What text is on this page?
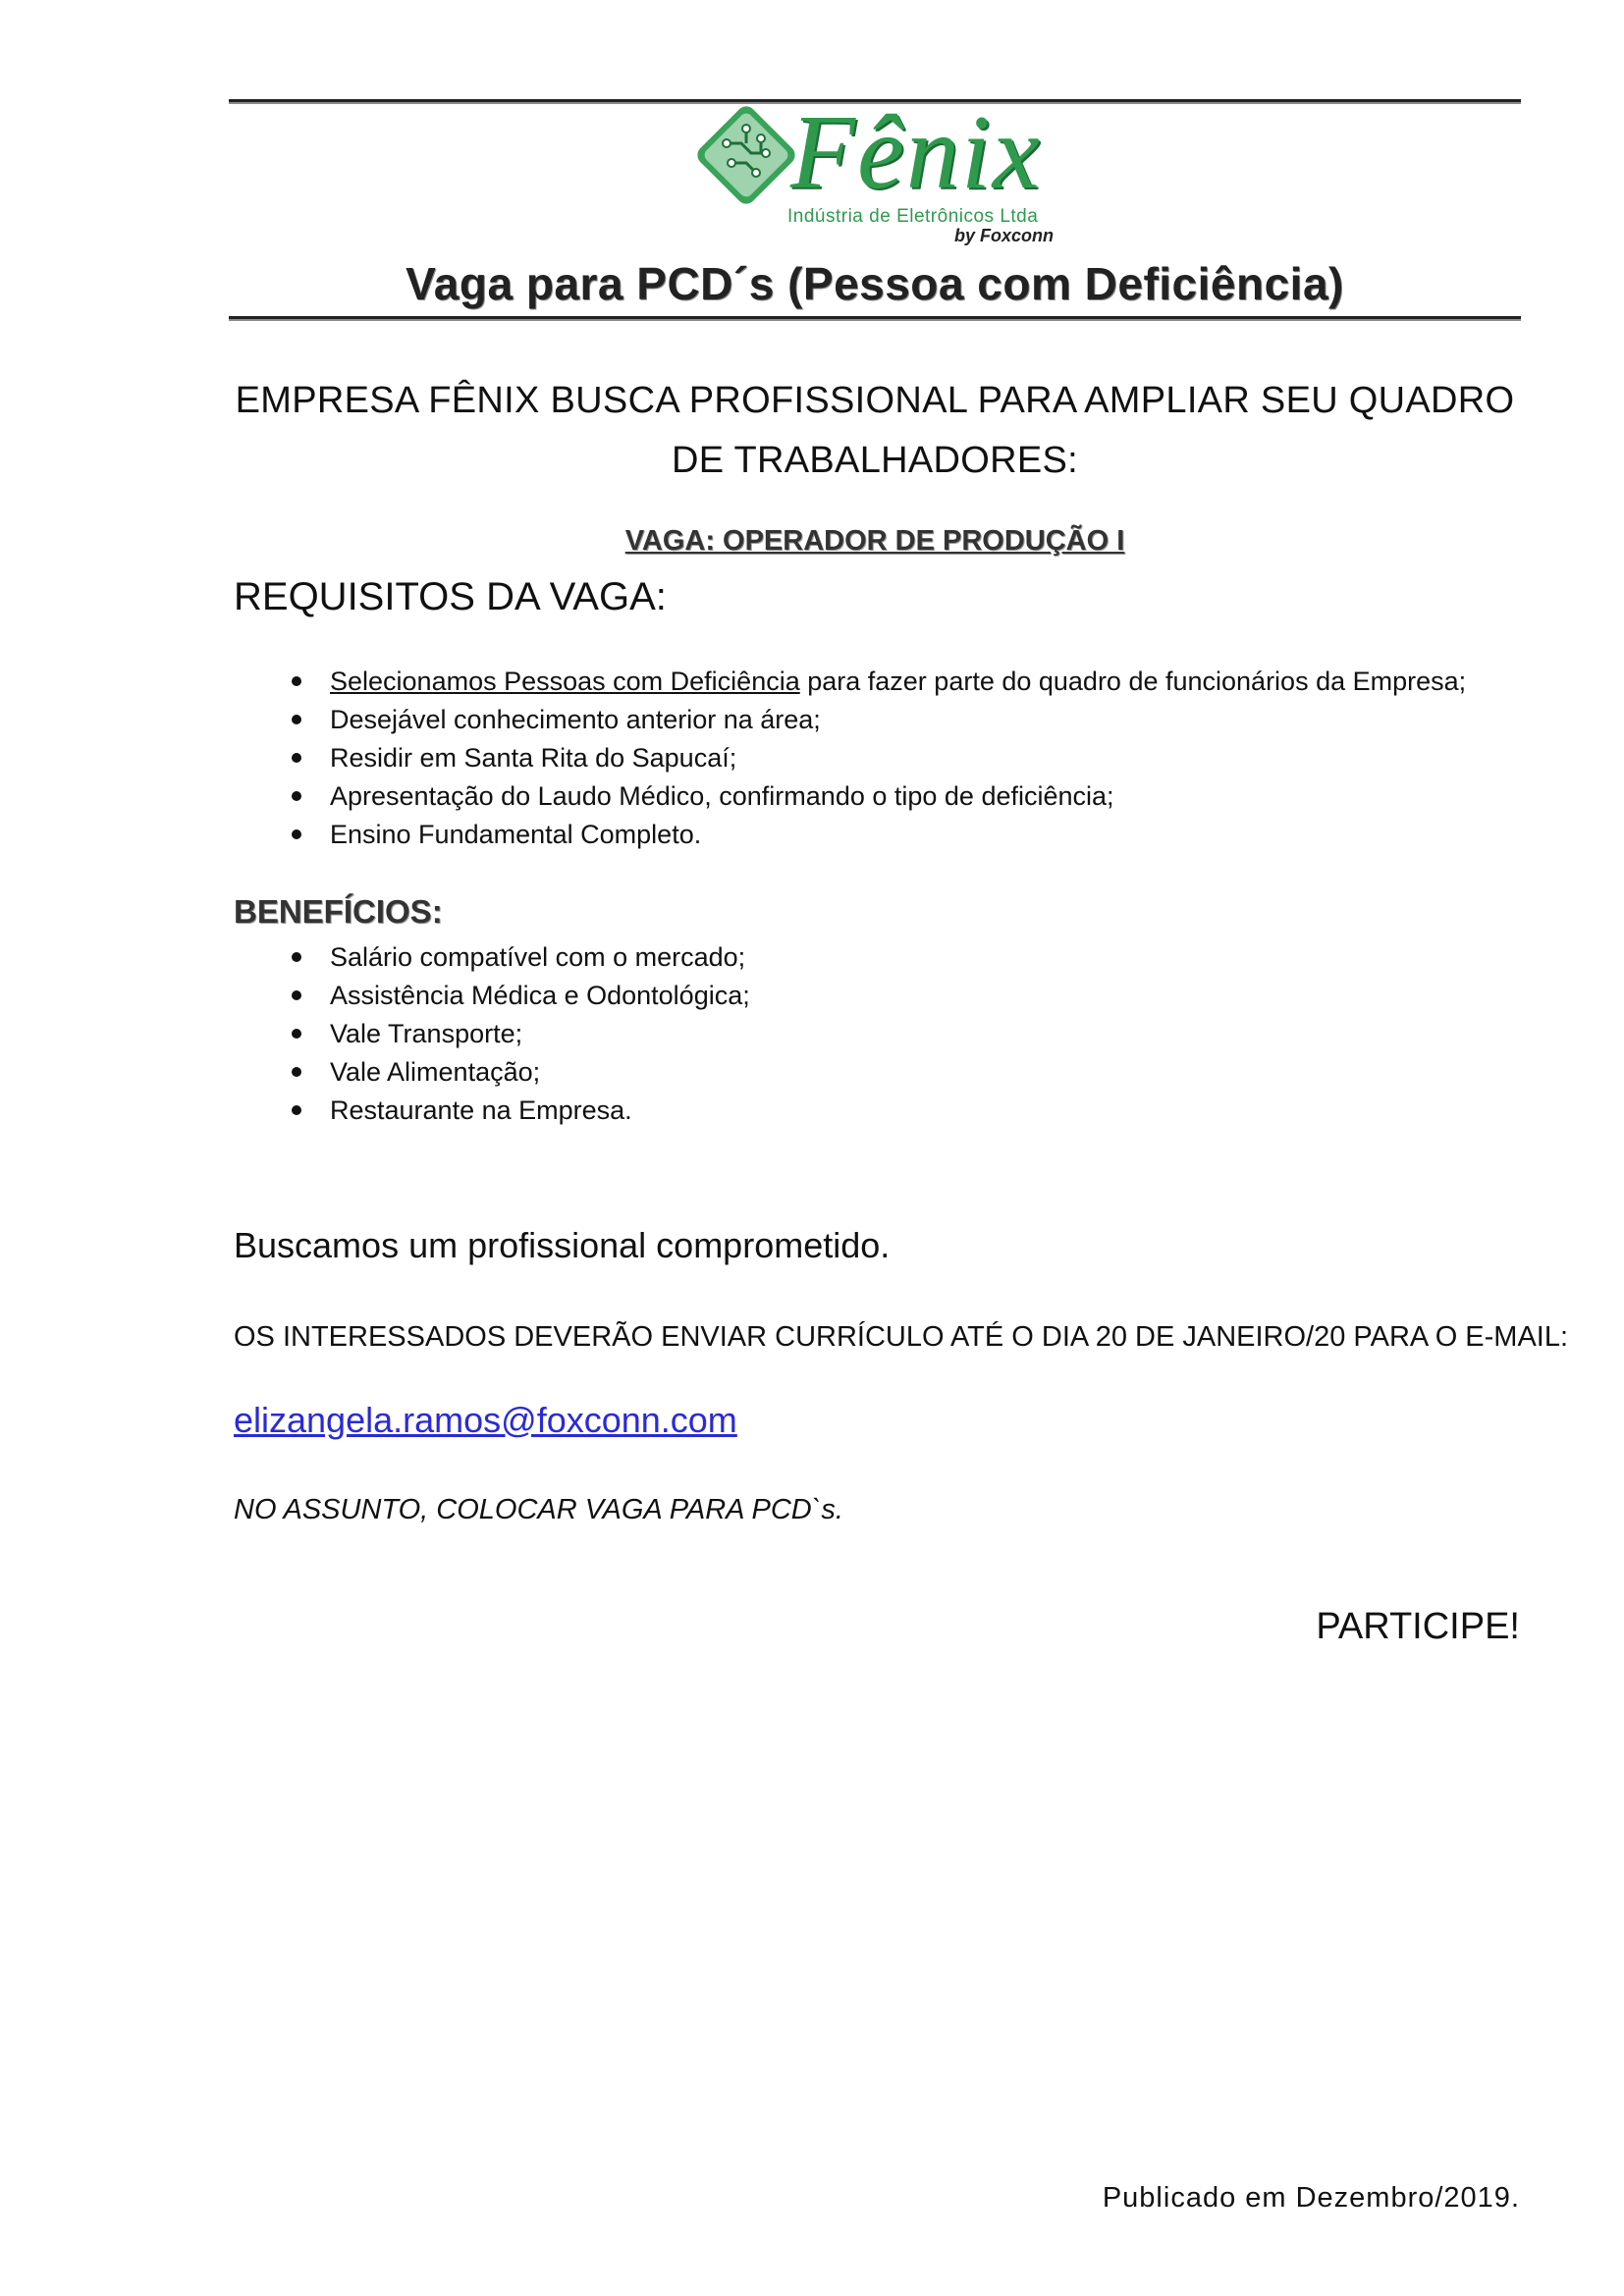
Fênix
Indústria de Eletrônicos Ltda
by Foxconn
Vaga para PCD´s (Pessoa com Deficiência)
EMPRESA FÊNIX BUSCA PROFISSIONAL PARA AMPLIAR SEU QUADRO DE TRABALHADORES:
VAGA: OPERADOR DE PRODUÇÃO I
REQUISITOS DA VAGA:
Selecionamos Pessoas com Deficiência para fazer parte do quadro de funcionários da Empresa;
Desejável conhecimento anterior na área;
Residir em Santa Rita do Sapucaí;
Apresentação do Laudo Médico, confirmando o tipo de deficiência;
Ensino Fundamental Completo.
BENEFÍCIOS:
Salário compatível com o mercado;
Assistência Médica e Odontológica;
Vale Transporte;
Vale Alimentação;
Restaurante na Empresa.
Buscamos um profissional comprometido.
OS INTERESSADOS DEVERÃO ENVIAR CURRÍCULO ATÉ O DIA 20 DE JANEIRO/20 PARA O E-MAIL:
elizangela.ramos@foxconn.com
NO ASSUNTO, COLOCAR VAGA PARA PCD`s.
PARTICIPE!
Publicado em Dezembro/2019.
